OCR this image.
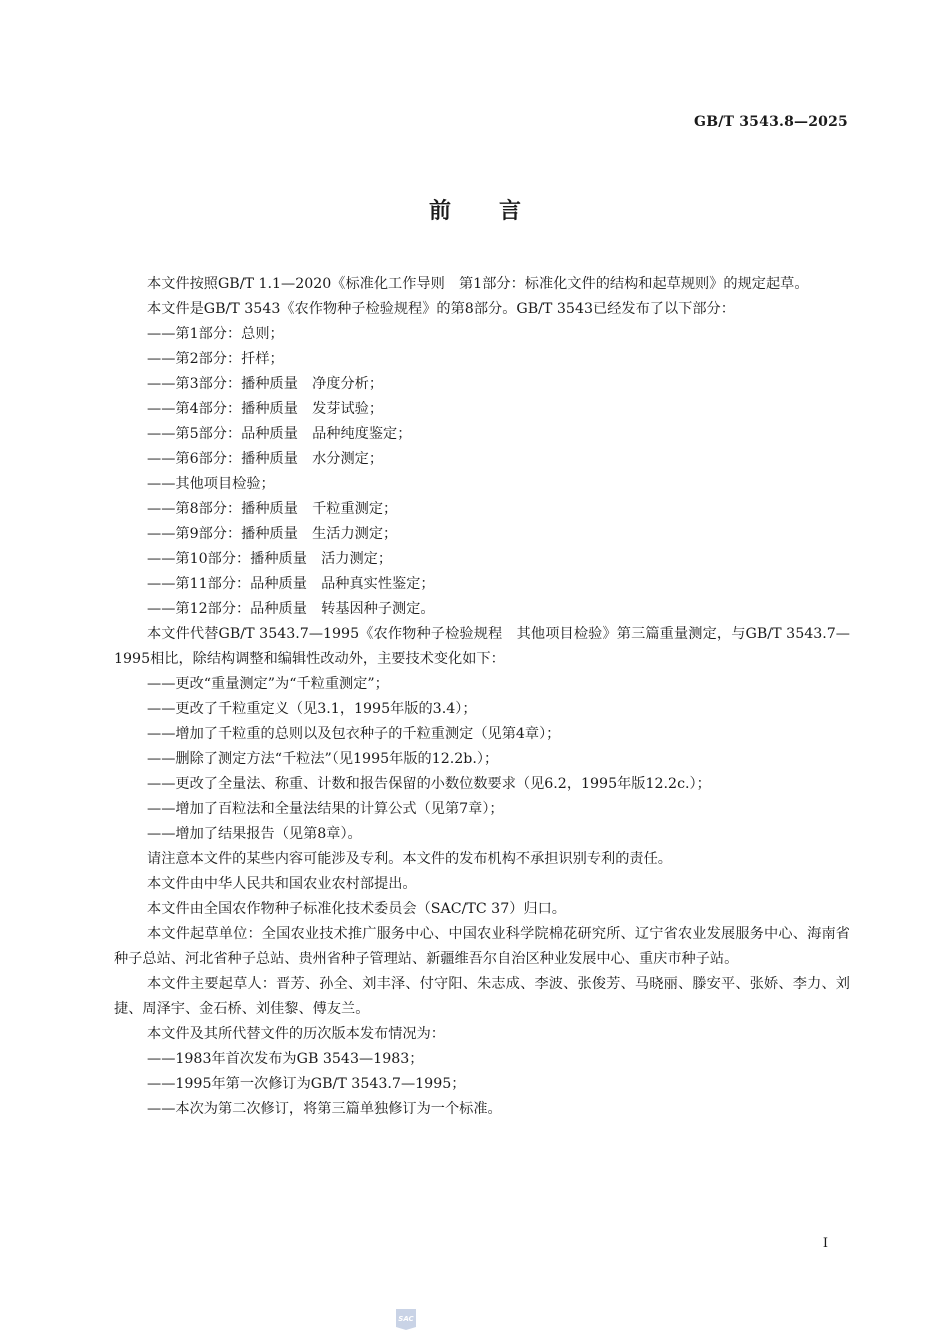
GB/T 3543.8—2025
前言

本文件按照GB/T 1.1—2020《标准化工作导则　第1部分：标准化文件的结构和起草规则》的规定起草。

本文件是GB/T 3543《农作物种子检验规程》的第8部分。GB/T 3543已经发布了以下部分：

——第1部分：总则；

——第2部分：扦样；

——第3部分：播种质量　净度分析；

——第4部分：播种质量　发芽试验；

——第5部分：品种质量　品种纯度鉴定；

——第6部分：播种质量　水分测定；

——其他项目检验；

——第8部分：播种质量　千粒重测定；

——第9部分：播种质量　生活力测定；

——第10部分：播种质量　活力测定；

——第11部分：品种质量　品种真实性鉴定；

——第12部分：品种质量　转基因种子测定。

本文件代替GB/T 3543.7—1995《农作物种子检验规程　其他项目检验》第三篇重量测定，与GB/T 3543.7—1995相比，除结构调整和编辑性改动外，主要技术变化如下：

——更改“重量测定”为“千粒重测定”；

——更改了千粒重定义（见3.1，1995年版的3.4）；

——增加了千粒重的总则以及包衣种子的千粒重测定（见第4章）；

——删除了测定方法“千粒法”（见1995年版的12.2b.）；

——更改了全量法、称重、计数和报告保留的小数位数要求（见6.2，1995年版12.2c.）；

——增加了百粒法和全量法结果的计算公式（见第7章）；

——增加了结果报告（见第8章）。

请注意本文件的某些内容可能涉及专利。本文件的发布机构不承担识别专利的责任。

本文件由中华人民共和国农业农村部提出。

本文件由全国农作物种子标准化技术委员会（SAC/TC 37）归口。

本文件起草单位：全国农业技术推广服务中心、中国农业科学院棉花研究所、辽宁省农业发展服务中心、海南省种子总站、河北省种子总站、贵州省种子管理站、新疆维吾尔自治区种业发展中心、重庆市种子站。

本文件主要起草人：晋芳、孙全、刘丰泽、付守阳、朱志成、李波、张俊芳、马晓丽、滕安平、张娇、李力、刘捷、周泽宇、金石桥、刘佳黎、傅友兰。

本文件及其所代替文件的历次版本发布情况为：

——1983年首次发布为GB 3543—1983；

——1995年第一次修订为GB/T 3543.7—1995；

——本次为第二次修订，将第三篇单独修订为一个标准。

I
SAC
